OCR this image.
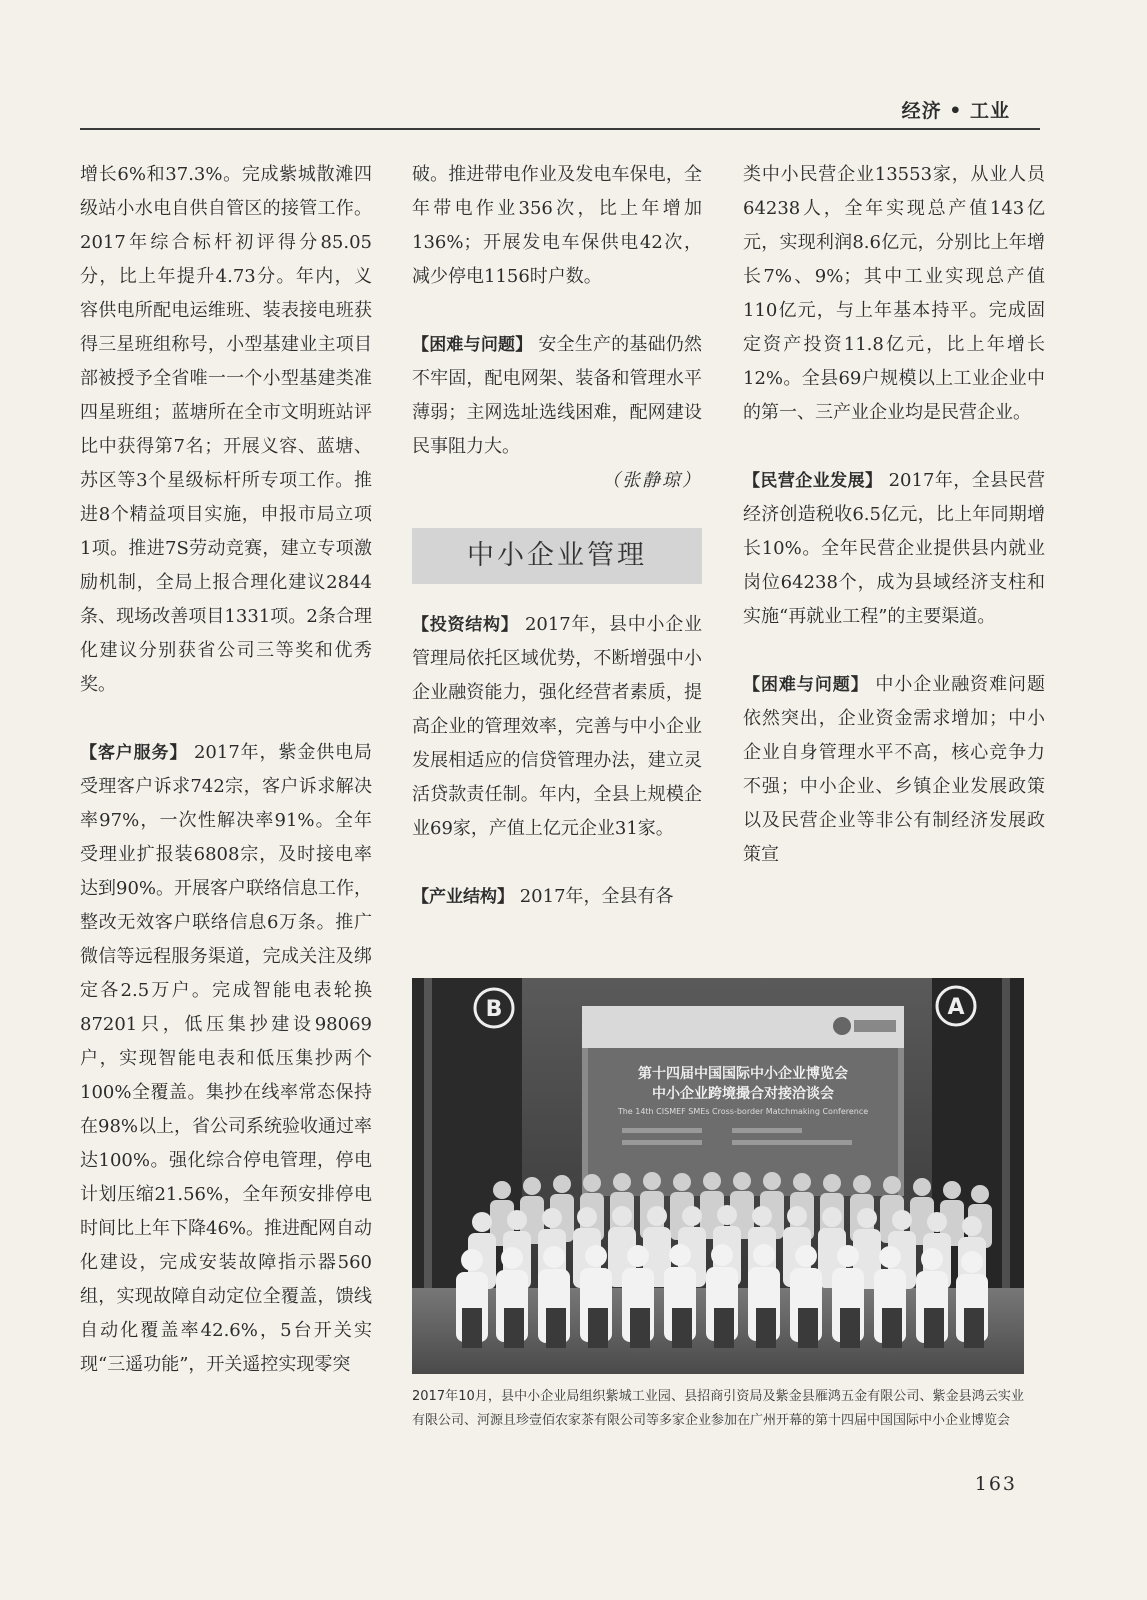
经济 • 工业

增长6%和37.3%。完成紫城散滩四级站小水电自供自管区的接管工作。2017年综合标杆初评得分85.05分，比上年提升4.73分。年内，义容供电所配电运维班、装表接电班获得三星班组称号，小型基建业主项目部被授予全省唯一一个小型基建类准四星班组；蓝塘所在全市文明班站评比中获得第7名；开展义容、蓝塘、苏区等3个星级标杆所专项工作。推进8个精益项目实施，申报市局立项1项。推进7S劳动竞赛，建立专项激励机制，全局上报合理化建议2844条、现场改善项目1331项。2条合理化建议分别获省公司三等奖和优秀奖。

【客户服务】 2017年，紫金供电局受理客户诉求742宗，客户诉求解决率97%，一次性解决率91%。全年受理业扩报装6808宗，及时接电率达到90%。开展客户联络信息工作，整改无效客户联络信息6万条。推广微信等远程服务渠道，完成关注及绑定各2.5万户。完成智能电表轮换87201只，低压集抄建设98069户，实现智能电表和低压集抄两个100%全覆盖。集抄在线率常态保持在98%以上，省公司系统验收通过率达100%。强化综合停电管理，停电计划压缩21.56%，全年预安排停电时间比上年下降46%。推进配网自动化建设，完成安装故障指示器560组，实现故障自动定位全覆盖，馈线自动化覆盖率42.6%，5台开关实现“三遥功能”，开关遥控实现零突

破。推进带电作业及发电车保电，全年带电作业356次，比上年增加136%；开展发电车保供电42次，减少停电1156时户数。

【困难与问题】 安全生产的基础仍然不牢固，配电网架、装备和管理水平薄弱；主网选址选线困难，配网建设民事阻力大。

（张静琼）

中小企业管理

【投资结构】 2017年，县中小企业管理局依托区域优势，不断增强中小企业融资能力，强化经营者素质，提高企业的管理效率，完善与中小企业发展相适应的信贷管理办法，建立灵活贷款责任制。年内，全县上规模企业69家，产值上亿元企业31家。

【产业结构】 2017年，全县有各

类中小民营企业13553家，从业人员64238人，全年实现总产值143亿元，实现利润8.6亿元，分别比上年增长7%、9%；其中工业实现总产值110亿元，与上年基本持平。完成固定资产投资11.8亿元，比上年增长12%。全县69户规模以上工业企业中的第一、三产业企业均是民营企业。

【民营企业发展】 2017年，全县民营经济创造税收6.5亿元，比上年同期增长10%。全年民营企业提供县内就业岗位64238个，成为县域经济支柱和实施“再就业工程”的主要渠道。

【困难与问题】 中小企业融资难问题依然突出，企业资金需求增加；中小企业自身管理水平不高，核心竞争力不强；中小企业、乡镇企业发展政策以及民营企业等非公有制经济发展政策宣

B	A
第十四届中国国际中小企业博览会
中小企业跨境撮合对接洽谈会
The 14th CISMEF SMEs Cross-border Matchmaking Conference
2017年10月，县中小企业局组织紫城工业园、县招商引资局及紫金县雁鸿五金有限公司、紫金县鸿云实业有限公司、河源且珍壹佰农家茶有限公司等多家企业参加在广州开幕的第十四届中国国际中小企业博览会
163
